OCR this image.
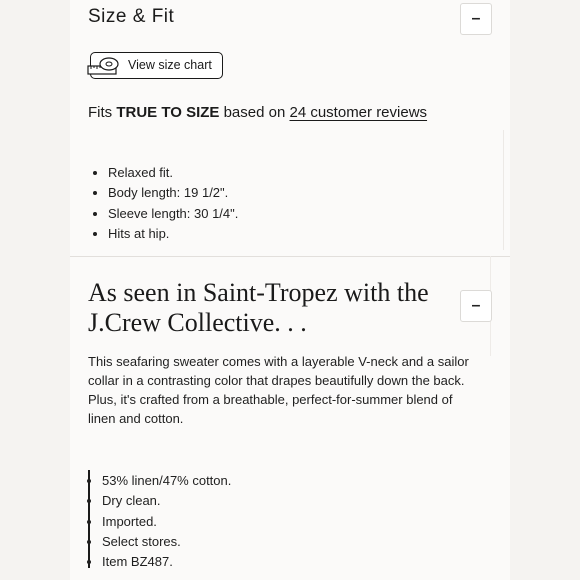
Size & Fit	–
View size chart
Fits TRUE TO SIZE based on 24 customer reviews
Relaxed fit.
Body length: 19 1/2".
Sleeve length: 30 1/4".
Hits at hip.
As seen in Saint-Tropez with the J.Crew Collective. . .
–

This seafaring sweater comes with a layerable V-neck and a sailor collar in a contrasting color that drapes beautifully down the back. Plus, it's crafted from a breathable, perfect-for-summer blend of linen and cotton.

53% linen/47% cotton.
Dry clean.
Imported.
Select stores.
Item BZ487.
